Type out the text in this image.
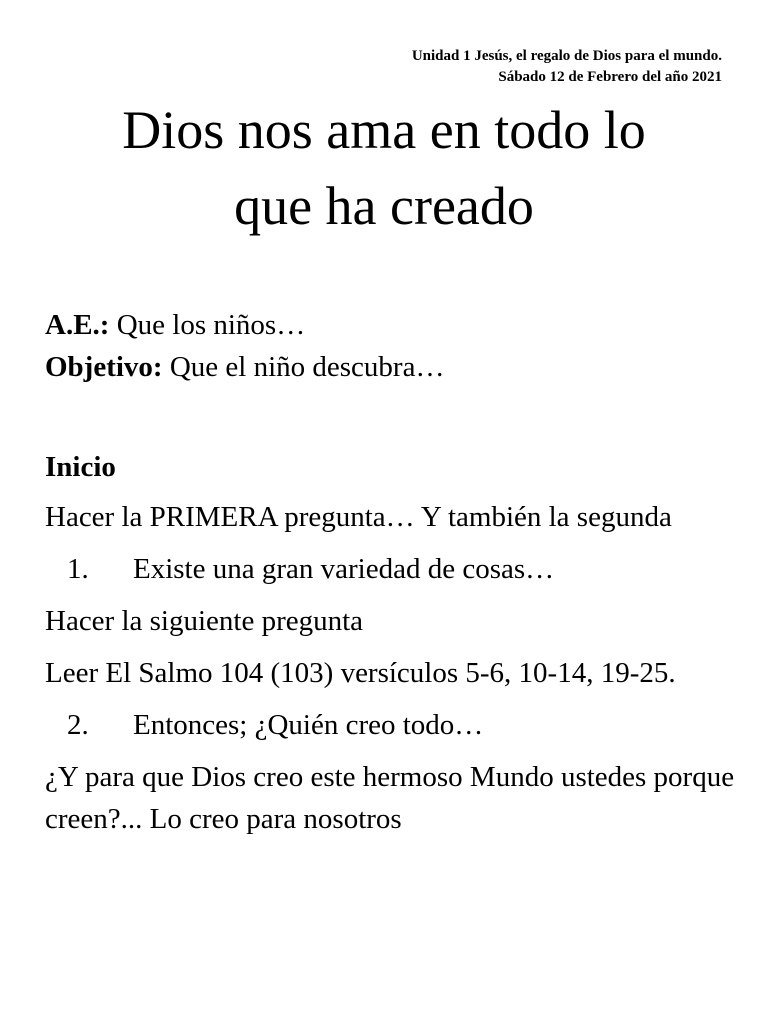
Unidad 1 Jesús, el regalo de Dios para el mundo.
Sábado 12 de Febrero del año 2021
Dios nos ama en todo lo
que ha creado

A.E.: Que los niños…

Objetivo: Que el niño descubra…

Inicio

Hacer la PRIMERA pregunta… Y también la segunda

1.	Existe una gran variedad de cosas…

Hacer la siguiente pregunta

Leer El Salmo 104 (103) versículos 5-6, 10-14, 19-25.

2.	Entonces; ¿Quién creo todo…

¿Y para que Dios creo este hermoso Mundo ustedes porque creen?... Lo creo para nosotros
